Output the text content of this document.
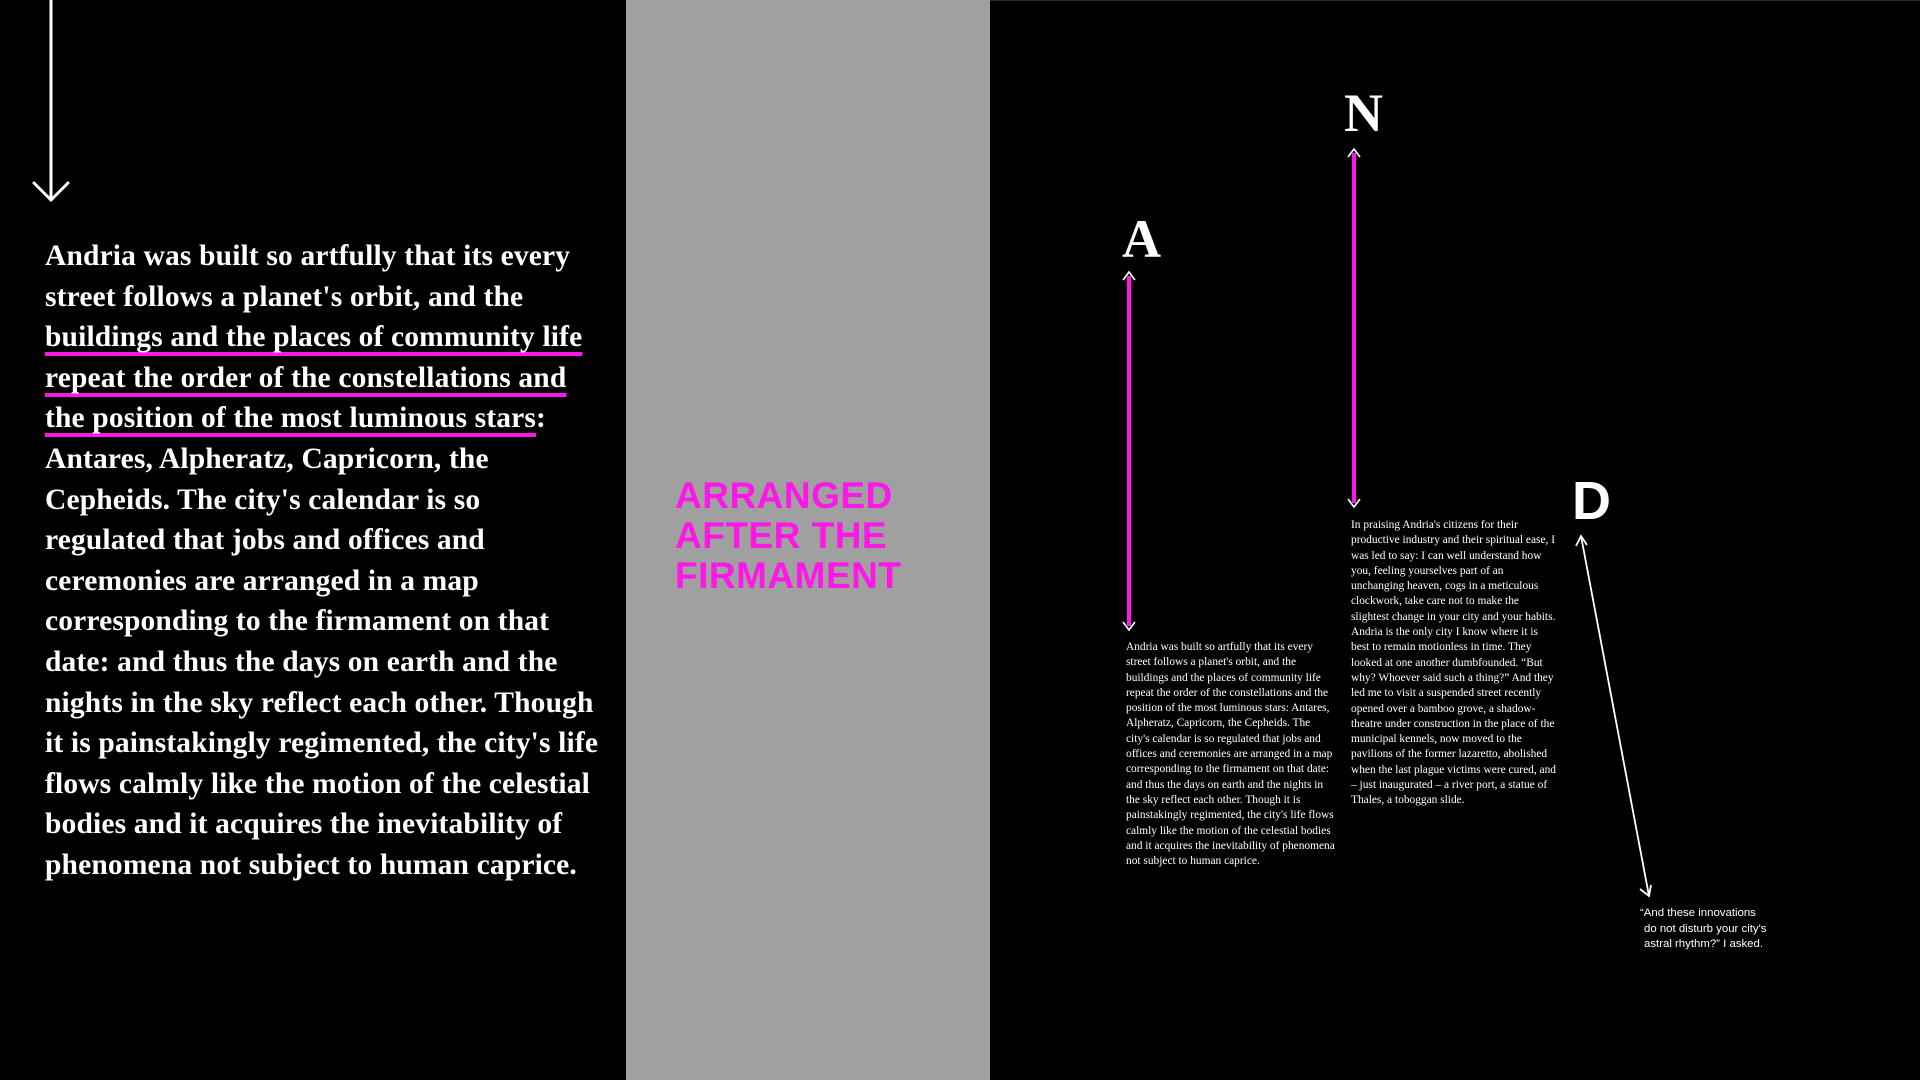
Andria was built so artfully that its every street follows a planet's orbit, and the buildings and the places of community life repeat the order of the constellations and the position of the most luminous stars: Antares, Alpheratz, Capricorn, the Cepheids. The city's calendar is so regulated that jobs and offices and ceremonies are arranged in a map corresponding to the firmament on that date: and thus the days on earth and the nights in the sky reflect each other. Though it is painstakingly regimented, the city's life flows calmly like the motion of the celestial bodies and it acquires the inevitability of phenomena not subject to human caprice.

ARRANGED
AFTER THE
FIRMAMENT
A
N
D

Andria was built so artfully that its every street follows a planet's orbit, and the buildings and the places of community life repeat the order of the constellations and the position of the most luminous stars: Antares, Alpheratz, Capricorn, the Cepheids. The city's calendar is so regulated that jobs and offices and ceremonies are arranged in a map corresponding to the firmament on that date: and thus the days on earth and the nights in the sky reflect each other. Though it is painstakingly regimented, the city's life flows calmly like the motion of the celestial bodies and it acquires the inevitability of phenomena not subject to human caprice.

In praising Andria's citizens for their productive industry and their spiritual ease, I was led to say: I can well understand how you, feeling yourselves part of an unchanging heaven, cogs in a meticulous clockwork, take care not to make the slightest change in your city and your habits. Andria is the only city I know where it is best to remain motionless in time. They looked at one another dumbfounded. “But why? Whoever said such a thing?” And they led me to visit a suspended street recently opened over a bamboo grove, a shadow-theatre under construction in the place of the municipal kennels, now moved to the pavilions of the former lazaretto, abolished when the last plague victims were cured, and – just inaugurated – a river port, a statue of Thales, a toboggan slide.

“And these innovations
do not disturb your city's
astral rhythm?” I asked.
